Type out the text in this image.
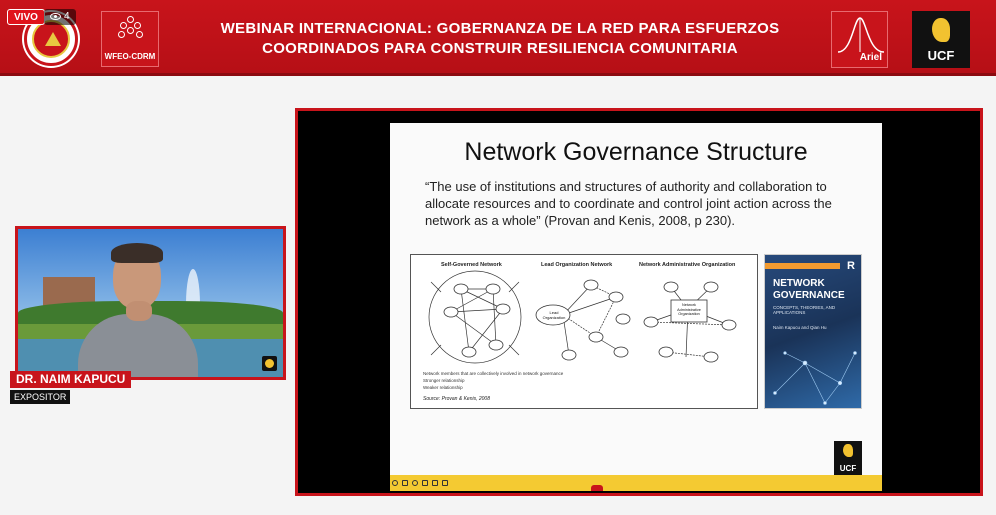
VIVO	4
WFEO-CDRM
WEBINAR INTERNACIONAL: GOBERNANZA DE LA RED PARA ESFUERZOS
COORDINADOS PARA CONSTRUIR RESILIENCIA COMUNITARIA
Ariel	UCF
DR. NAIM KAPUCU
EXPOSITOR
Network Governance Structure
“The use of institutions and structures of authority and collaboration to allocate resources and to coordinate and control joint action across the network as a whole” (Provan and Kenis, 2008, p 230).
Self-Governed Network	Lead Organization Network	Network Administrative Organization
Lead Organization
Network Administrative Organization
Network members that are collectively involved in network governance
Stronger relationship
Weaker relationship
Source: Provan & Kenis, 2008
R
NETWORK GOVERNANCE
CONCEPTS, THEORIES, AND APPLICATIONS
Naim Kapucu and Qian Hu
UCF
